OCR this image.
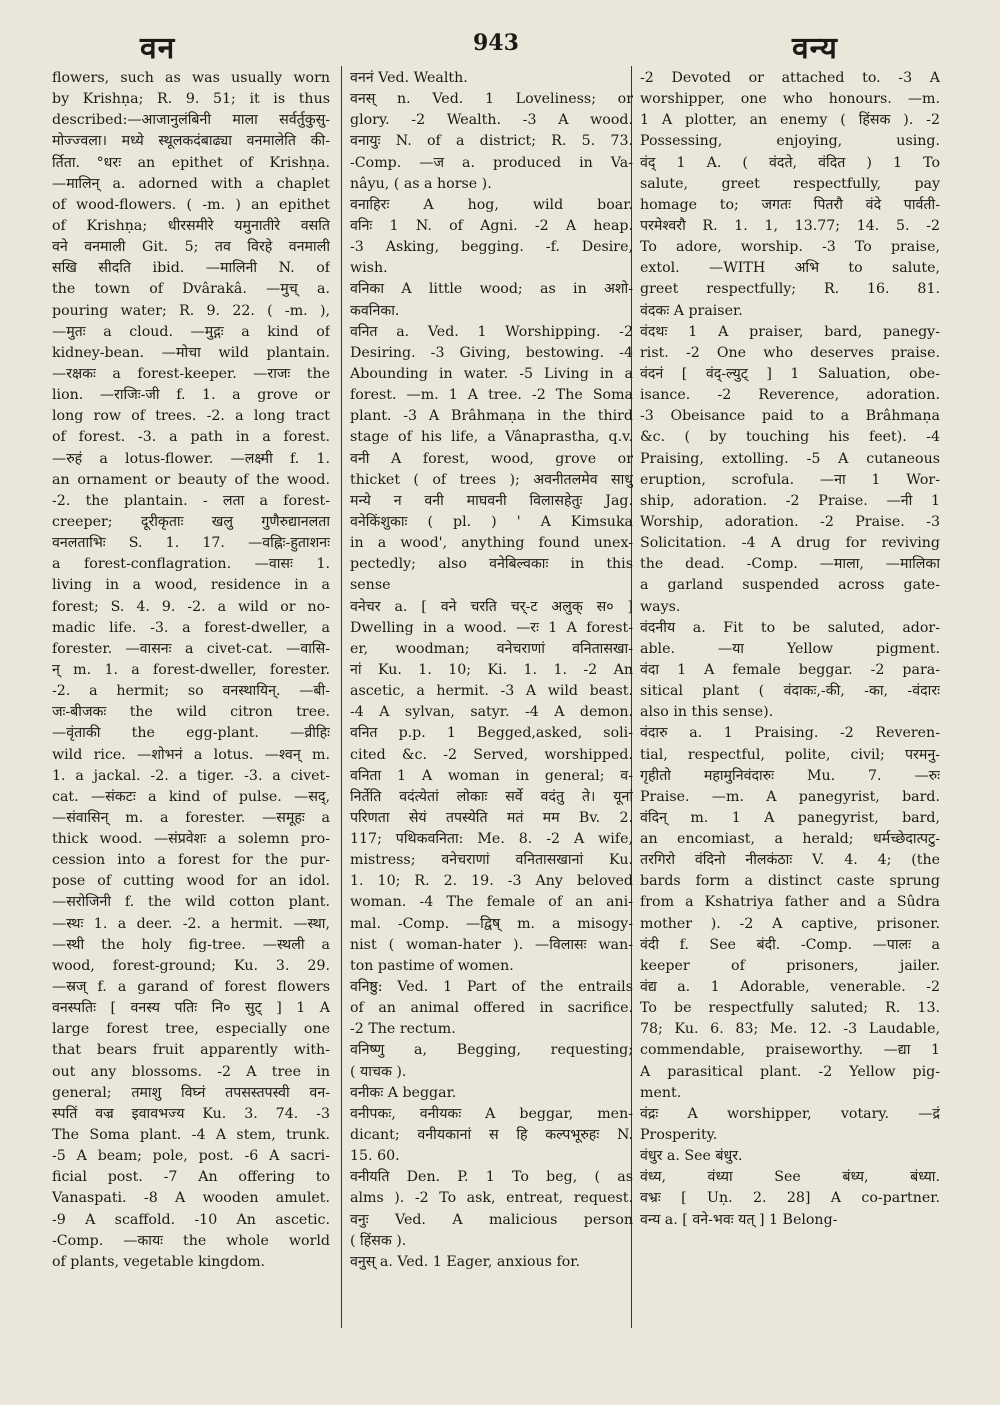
वन	943	वन्य
flowers, such as was usually worn
by Krishṇa; R. 9. 51; it is thus
described:—आजानुलंबिनी माला सर्वर्तुकुसु-
मोज्ज्वला। मध्ये स्थूलकदंबाढ्या वनमालेति की-
र्तिता. °धरः an epithet of Krishṇa.
—मालिन् a. adorned with a chaplet
of wood-flowers. ( -m. ) an epithet
of Krishṇa; धीरसमीरे यमुनातीरे वसति
वने वनमाली Git. 5; तव विरहे वनमाली
सखि सीदति ibid. —मालिनी N. of
the town of Dvârakâ. —मुच् a.
pouring water; R. 9. 22. ( -m. ),
—मुतः a cloud. —मुद्गः a kind of
kidney-bean. —मोचा wild plantain.
—रक्षकः a forest-keeper. —राजः the
lion. —राजिः-जी f. 1. a grove or
long row of trees. -2. a long tract
of forest. -3. a path in a forest.
—रुहं a lotus-flower. —लक्ष्मी f. 1.
an ornament or beauty of the wood.
-2. the plantain. - लता a forest-
creeper; दूरीकृताः खलु गुणैरुद्यानलता
वनलताभिः S. 1. 17. —वह्निः-हुताशनः
a forest-conflagration. —वासः 1.
living in a wood, residence in a
forest; S. 4. 9. -2. a wild or no-
madic life. -3. a forest-dweller, a
forester. —वासनः a civet-cat. —वासि-
न् m. 1. a forest-dweller, forester.
-2. a hermit; so वनस्थायिन्. —बी-
जः-बीजकः the wild citron tree.
—वृंताकी the egg-plant. —व्रीहिः
wild rice. —शोभनं a lotus. —श्वन् m.
1. a jackal. -2. a tiger. -3. a civet-
cat. —संकटः a kind of pulse. —सद्,
—संवासिन् m. a forester. —समूहः a
thick wood. —संप्रवेशः a solemn pro-
cession into a forest for the pur-
pose of cutting wood for an idol.
—सरोजिनी f. the wild cotton plant.
—स्थः 1. a deer. -2. a hermit. —स्था,
—स्थी the holy fig-tree. —स्थली a
wood, forest-ground; Ku. 3. 29.
—स्रज् f. a garand of forest flowers
वनस्पतिः [ वनस्य पतिः नि० सुट् ] 1 A
large forest tree, especially one
that bears fruit apparently with-
out any blossoms. -2 A tree in
general; तमाशु विघ्नं तपसस्तपस्वी वन-
स्पतिं वज्र इवावभज्य Ku. 3. 74. -3
The Soma plant. -4 A stem, trunk.
-5 A beam; pole, post. -6 A sacri-
ficial post. -7 An offering to
Vanaspati. -8 A wooden amulet.
-9 A scaffold. -10 An ascetic.
-Comp. —कायः the whole world
of plants, vegetable kingdom.
वननं Ved. Wealth.
वनस् n. Ved. 1 Loveliness; or
glory. -2 Wealth. -3 A wood.
वनायुः N. of a district; R. 5. 73.
-Comp. —ज a. produced in Va-
nâyu, ( as a horse ).
वनाहिरः A hog, wild boar.
वनिः 1 N. of Agni. -2 A heap.
-3 Asking, begging. -f. Desire,
wish.
वनिका A little wood; as in अशो-
कवनिका.
वनित a. Ved. 1 Worshipping. -2
Desiring. -3 Giving, bestowing. -4
Abounding in water. -5 Living in a
forest. —m. 1 A tree. -2 The Soma
plant. -3 A Brâhmaṇa in the third
stage of his life, a Vânaprastha, q.v.
वनी A forest, wood, grove or
thicket ( of trees ); अवनीतलमेव साधु
मन्ये न वनी माघवनी विलासहेतुः Jag.
वनेकिंशुकाः ( pl. ) ' A Kimsuka
in a wood', anything found unex-
pectedly; also वनेबिल्वकाः in this
sense
वनेचर a. [ वने चरति चर्-ट अलुक् स० ]
Dwelling in a wood. —रः 1 A forest-
er, woodman; वनेचराणां वनितासखा-
नां Ku. 1. 10; Ki. 1. 1. -2 An
ascetic, a hermit. -3 A wild beast.
-4 A sylvan, satyr. -4 A demon.
वनित p.p. 1 Begged,asked, soli-
cited &c. -2 Served, worshipped.
वनिता 1 A woman in general; व-
निर्तेति वदंत्येतां लोकाः सर्वे वदंतु ते। यूनां
परिणता सेयं तपस्येति मतं मम Bv. 2.
117; पथिकवनिता: Me. 8. -2 A wife,
mistress; वनेचराणां वनितासखानां Ku.
1. 10; R. 2. 19. -3 Any beloved
woman. -4 The female of an ani-
mal. -Comp. —द्विष् m. a misogy-
nist ( woman-hater ). —विलासः wan-
ton pastime of women.
वनिष्ठु: Ved. 1 Part of the entrails
of an animal offered in sacrifice.
-2 The rectum.
वनिष्णु a, Begging, requesting;
( याचक ).
वनीकः A beggar.
वनीपकः, वनीयकः A beggar, men-
dicant; वनीयकानां स हि कल्पभूरुहः N.
15. 60.
वनीयति Den. P. 1 To beg, ( as
alms ). -2 To ask, entreat, request.
वनुः Ved. A malicious person
( हिंसक ).
वनुस् a. Ved. 1 Eager, anxious for.
-2 Devoted or attached to. -3 A
worshipper, one who honours. —m.
1 A plotter, an enemy ( हिंसक ). -2
Possessing, enjoying, using.
वंद् 1 A. ( वंदते, वंदित ) 1 To
salute, greet respectfully, pay
homage to; जगतः पितरौ वंदे पार्वती-
परमेश्वरौ R. 1. 1, 13.77; 14. 5. -2
To adore, worship. -3 To praise,
extol. —WITH अभि to salute,
greet respectfully; R. 16. 81.
वंदकः A praiser.
वंदथः 1 A praiser, bard, panegy-
rist. -2 One who deserves praise.
वंदनं [ वंद्-ल्युट् ] 1 Saluation, obe-
isance. -2 Reverence, adoration.
-3 Obeisance paid to a Brâhmaṇa
&c. ( by touching his feet). -4
Praising, extolling. -5 A cutaneous
eruption, scrofula. —ना 1 Wor-
ship, adoration. -2 Praise. —नी 1
Worship, adoration. -2 Praise. -3
Solicitation. -4 A drug for reviving
the dead. -Comp. —माला, —मालिका
a garland suspended across gate-
ways.
वंदनीय a. Fit to be saluted, ador-
able. —या Yellow pigment.
वंदा 1 A female beggar. -2 para-
sitical plant ( वंदाकः,-की, -का, -वंदारः
also in this sense).
वंदारु a. 1 Praising. -2 Reveren-
tial, respectful, polite, civil; परमनु-
गृहीतो महामुनिवंदारुः Mu. 7. —रुः
Praise. —m. A panegyrist, bard.
वंदिन् m. 1 A panegyrist, bard,
an encomiast, a herald; धर्मच्छेदात्पटु-
तरगिरो वंदिनो नीलकंठाः V. 4. 4; (the
bards form a distinct caste sprung
from a Kshatriya father and a Sûdra
mother ). -2 A captive, prisoner.
वंदी f. See बंदी. -Comp. —पालः a
keeper of prisoners, jailer.
वंद्य a. 1 Adorable, venerable. -2
To be respectfully saluted; R. 13.
78; Ku. 6. 83; Me. 12. -3 Laudable,
commendable, praiseworthy. —द्या 1
A parasitical plant. -2 Yellow pig-
ment.
वंद्रः A worshipper, votary. —द्रं
Prosperity.
वंधुर a. See बंधुर.
वंध्य, वंध्या See बंध्य, बंध्या.
वभ्रः [ Uṇ. 2. 28] A co-partner.
वन्य a. [ वने-भवः यत् ] 1 Belong-
